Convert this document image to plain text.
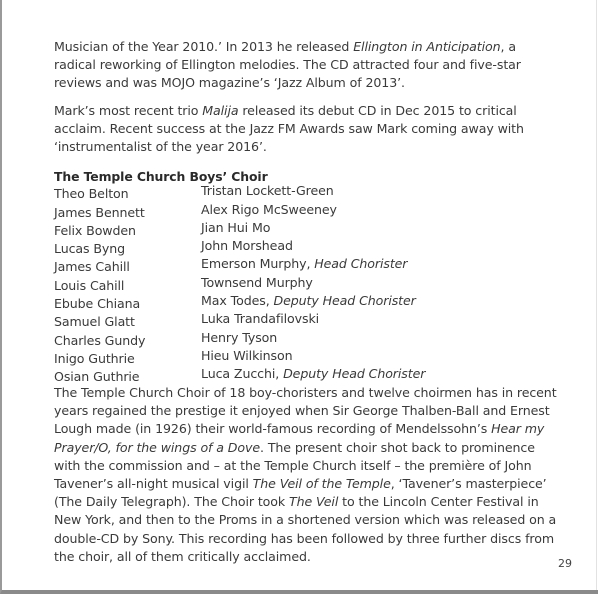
Musician of the Year 2010.’ In 2013 he released Ellington in Anticipation, a radical reworking of Ellington melodies. The CD attracted four and five-star reviews and was MOJO magazine’s ‘Jazz Album of 2013’.

Mark’s most recent trio Malija released its debut CD in Dec 2015 to critical acclaim. Recent success at the Jazz FM Awards saw Mark coming away with ‘instrumentalist of the year 2016’.

The Temple Church Boys’ Choir
Theo Belton
James Bennett
Felix Bowden
Lucas Byng
James Cahill
Louis Cahill
Ebube Chiana
Samuel Glatt
Charles Gundy
Inigo Guthrie
Osian Guthrie
Tristan Lockett-Green
Alex Rigo McSweeney
Jian Hui Mo
John Morshead
Emerson Murphy, Head Chorister
Townsend Murphy
Max Todes, Deputy Head Chorister
Luka Trandafilovski
Henry Tyson
Hieu Wilkinson
Luca Zucchi, Deputy Head Chorister

The Temple Church Choir of 18 boy-choristers and twelve choirmen has in recent years regained the prestige it enjoyed when Sir George Thalben-Ball and Ernest Lough made (in 1926) their world-famous recording of Mendelssohn’s Hear my Prayer/O, for the wings of a Dove. The present choir shot back to prominence with the commission and – at the Temple Church itself – the première of John Tavener’s all-night musical vigil The Veil of the Temple, ‘Tavener’s masterpiece’ (The Daily Telegraph). The Choir took The Veil to the Lincoln Center Festival in New York, and then to the Proms in a shortened version which was released on a double-CD by Sony. This recording has been followed by three further discs from the choir, all of them critically acclaimed.	29
